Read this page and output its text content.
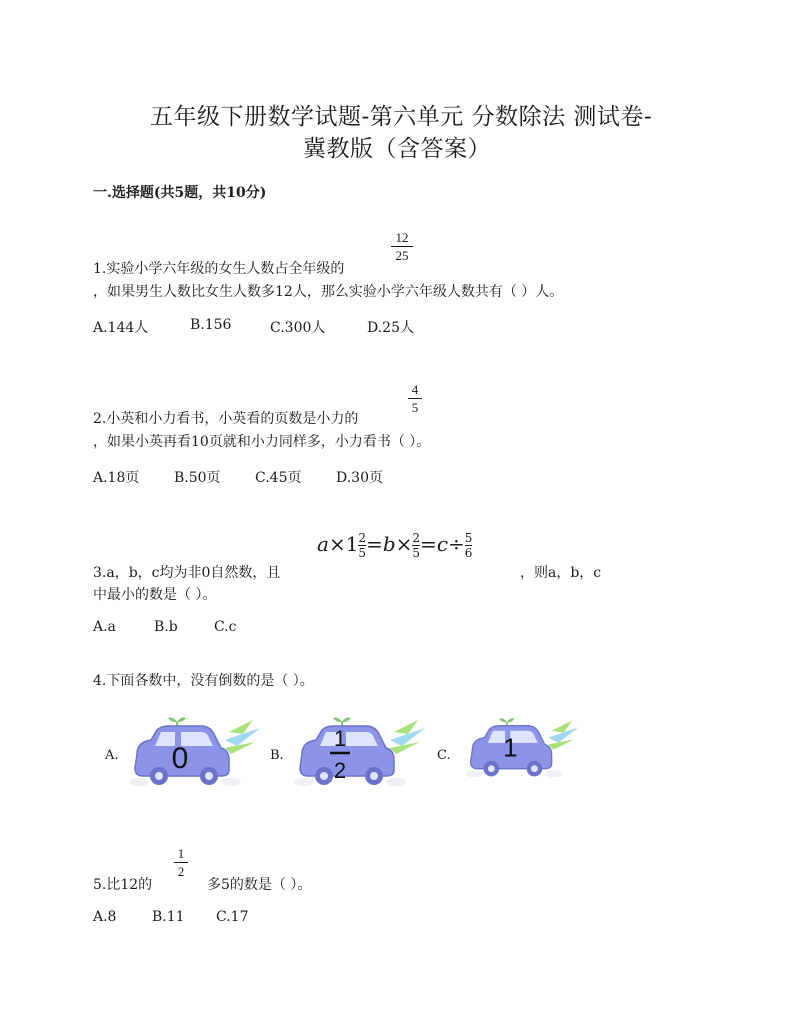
五年级下册数学试题-第六单元 分数除法 测试卷-
冀教版（含答案）
一.选择题(共5题，共10分)
1.实验小学六年级的女生人数占全年级的
12
25
，如果男生人数比女生人数多12人，那么实验小学六年级人数共有（ ）人。
A.144人	B.156	C.300人	D.25人
2.小英和小力看书，小英看的页数是小力的
4
5
，如果小英再看10页就和小力同样多，小力看书（ ）。
A.18页 B.50页 C.45页 D.30页
3.a，b，c均为非0自然数，且
$a\times 1\frac{2}{5}=b\times\frac{2}{5}=c\div\frac{5}{6}$
，则a，b，c
中最小的数是（ ）。
A.a	B.b	C.c
4.下面各数中，没有倒数的是（ ）。
A.	B.	C.
0
1
2
1
5.比12的
1
2
多5的数是（ ）。
A.8	B.11 C.17
